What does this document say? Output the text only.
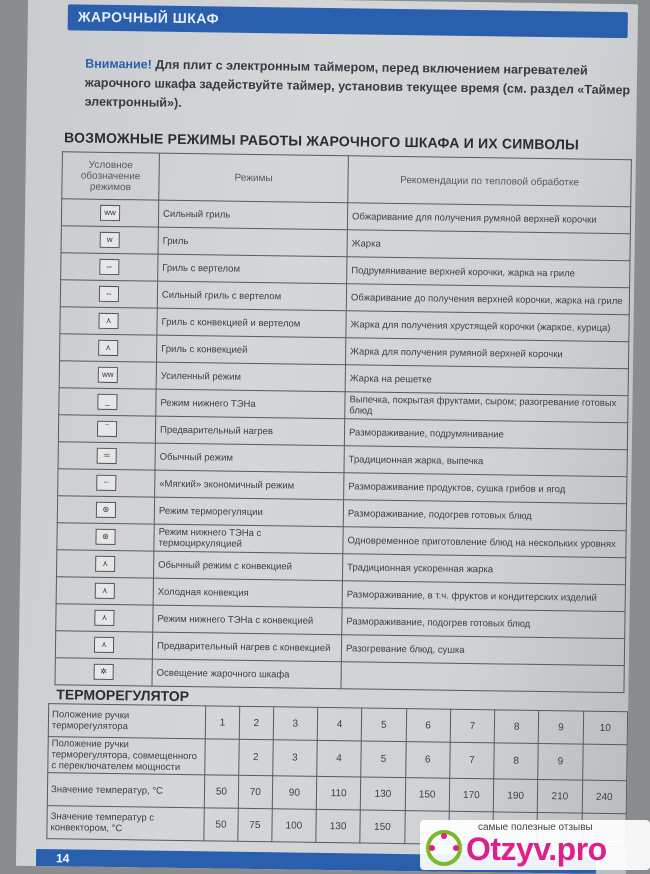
ЖАРОЧНЫЙ ШКАФ
Внимание! Для плит с электронным таймером, перед включением нагревателей жарочного шкафа задействуйте таймер, установив текущее время (см. раздел «Таймер электронный»).
ВОЗМОЖНЫЕ РЕЖИМЫ РАБОТЫ ЖАРОЧНОГО ШКАФА И ИХ СИМВОЛЫ
Условное обозначение режимов	Режимы	Рекомендации по тепловой обработке
ᴡᴡ	Сильный гриль	Обжаривание для получения румяной верхней корочки
ᴡ	Гриль	Жарка
⇔	Гриль с вертелом	Подрумянивание верхней корочки, жарка на гриле
⇔	Сильный гриль с вертелом	Обжаривание до получения верхней корочки, жарка на гриле
⋏	Гриль с конвекцией и вертелом	Жарка для получения хрустящей корочки (жаркое, курица)
⋏	Гриль с конвекцией	Жарка для получения румяной верхней корочки
ᴡᴡ	Усиленный режим	Жарка на решетке
_	Режим нижнего ТЭНа	Выпечка, покрытая фруктами, сыром; разогревание готовых блюд
‾	Предварительный нагрев	Размораживание, подрумянивание
═	Обычный режим	Традиционная жарка, выпечка
┈	«Мягкий» экономичный режим	Размораживание продуктов, сушка грибов и ягод
⊛	Режим терморегуляции	Размораживание, подогрев готовых блюд
⊛	Режим нижнего ТЭНа с термоциркуляцией	Одновременное приготовление блюд на нескольких уровнях
⋏	Обычный режим с конвекцией	Традиционная ускоренная жарка
⋏	Холодная конвекция	Размораживание, в т.ч. фруктов и кондитерских изделий
⋏	Режим нижнего ТЭНа с конвекцией	Размораживание, подогрев готовых блюд
⋏	Предварительный нагрев с конвекцией	Разогревание блюд, сушка
✲	Освещение жарочного шкафа	
ТЕРМОРЕГУЛЯТОР
Положение ручки терморегулятора	1	2	3	4	5	6	7	8	9	10
Положение ручки терморегулятора, совмещенного с переключателем мощности		2	3	4	5	6	7	8	9	
Значение температур, °С	50	70	90	110	130	150	170	190	210	240
Значение температур с конвектором, °С	50	75	100	130	150					
14
самые полезные отзывы
Otzyv.pro
